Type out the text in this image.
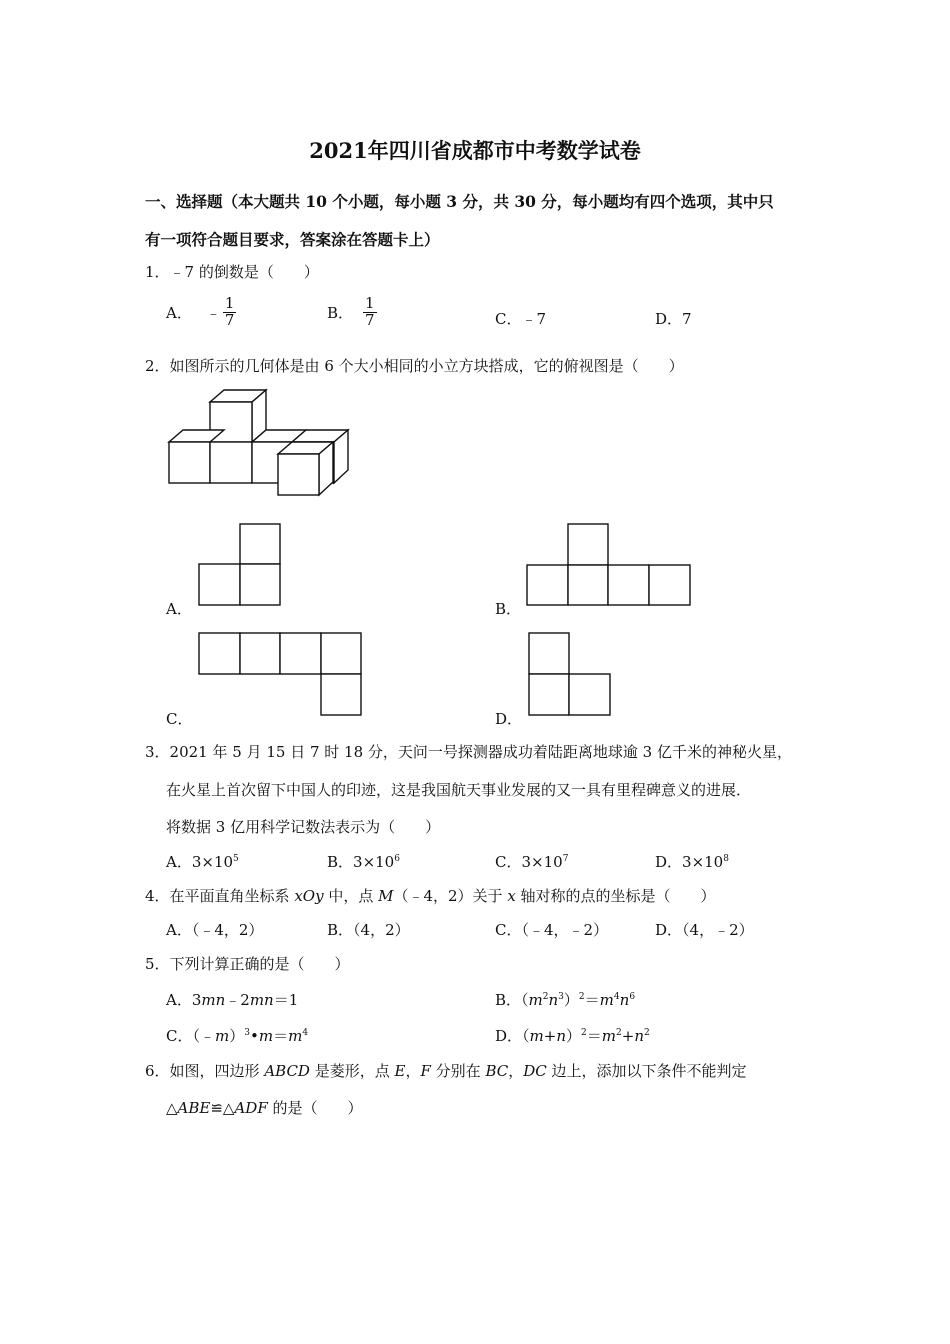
2021年四川省成都市中考数学试卷
一、选择题（本大题共 10 个小题，每小题 3 分，共 30 分，每小题均有四个选项，其中只
有一项符合题目要求，答案涂在答题卡上）
1．﹣7 的倒数是（　　）
A． ﹣ $\frac{1}{7}$	B． $\frac{1}{7}$	C．﹣7	D．7
2．如图所示的几何体是由 6 个大小相同的小立方块搭成，它的俯视图是（　　）
A．	B．
C．	D．
3．2021 年 5 月 15 日 7 时 18 分，天问一号探测器成功着陆距离地球逾 3 亿千米的神秘火星，
在火星上首次留下中国人的印迹，这是我国航天事业发展的又一具有里程碑意义的进展．
将数据 3 亿用科学记数法表示为（　　）
A．$3\times 10^5$	B．$3\times 10^6$	C．$3\times 10^7$	D．$3\times 10^8$
4．在平面直角坐标系 xOy 中，点 M（﹣4，2）关于 x 轴对称的点的坐标是（　　）
A．（﹣4，2）	B．（4，2）	C．（﹣4，﹣2）	D．（4，﹣2）
5．下列计算正确的是（　　）
A．3mn﹣2mn＝1	B．$(m^2n^3)^2=m^4n^6$
C．$(﹣m)^3•m=m^4$	D．$(m+n)^2=m^2+n^2$
6．如图，四边形 ABCD 是菱形，点 E，F 分别在 BC，DC 边上，添加以下条件不能判定
△ABE≌△ADF 的是（　　）
